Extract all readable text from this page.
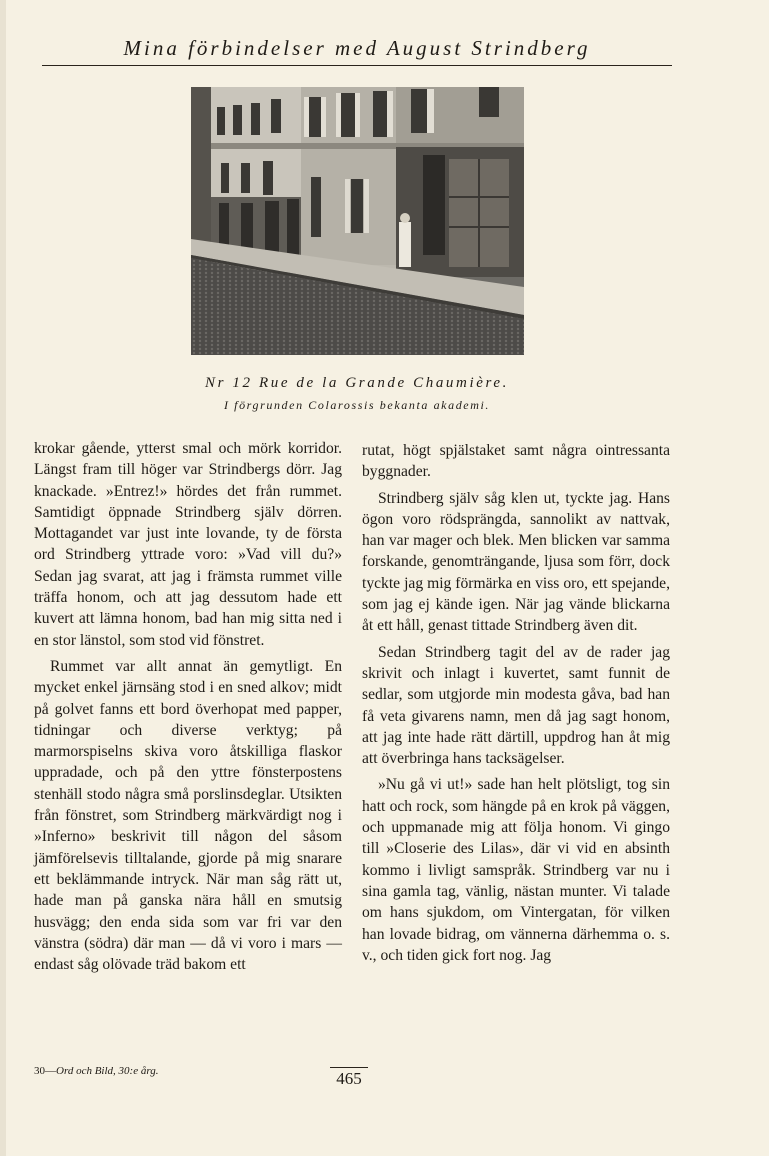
Mina förbindelser med August Strindberg
Nr 12 Rue de la Grande Chaumière.
I förgrunden Colarossis bekanta akademi.

krokar gående, ytterst smal och mörk korridor. Längst fram till höger var Strindbergs dörr. Jag knackade. »Entrez!» hördes det från rummet. Samtidigt öppnade Strindberg själv dörren. Mottagandet var just inte lovande, ty de första ord Strindberg yttrade voro: »Vad vill du?» Sedan jag svarat, att jag i främsta rummet ville träffa honom, och att jag dessutom hade ett kuvert att lämna honom, bad han mig sitta ned i en stor länstol, som stod vid fönstret.

Rummet var allt annat än gemytligt. En mycket enkel järnsäng stod i en sned alkov; midt på golvet fanns ett bord överhopat med papper, tidningar och diverse verktyg; på marmorspiselns skiva voro åtskilliga flaskor uppradade, och på den yttre fönsterpostens stenhäll stodo några små porslinsdeglar. Utsikten från fönstret, som Strindberg märkvärdigt nog i »Inferno» beskrivit till någon del såsom jämförelsevis tilltalande, gjorde på mig snarare ett beklämmande intryck. När man såg rätt ut, hade man på ganska nära håll en smutsig husvägg; den enda sida som var fri var den vänstra (södra) där man — då vi voro i mars — endast såg olövade träd bakom ett

rutat, högt spjälstaket samt några ointressanta byggnader.

Strindberg själv såg klen ut, tyckte jag. Hans ögon voro rödsprängda, sannolikt av nattvak, han var mager och blek. Men blicken var samma forskande, genomträngande, ljusa som förr, dock tyckte jag mig förmärka en viss oro, ett spejande, som jag ej kände igen. När jag vände blickarna åt ett håll, genast tittade Strindberg även dit.

Sedan Strindberg tagit del av de rader jag skrivit och inlagt i kuvertet, samt funnit de sedlar, som utgjorde min modesta gåva, bad han få veta givarens namn, men då jag sagt honom, att jag inte hade rätt därtill, uppdrog han åt mig att överbringa hans tacksägelser.

»Nu gå vi ut!» sade han helt plötsligt, tog sin hatt och rock, som hängde på en krok på väggen, och uppmanade mig att följa honom. Vi gingo till »Closerie des Lilas», där vi vid en absinth kommo i livligt samspråk. Strindberg var nu i sina gamla tag, vänlig, nästan munter. Vi talade om hans sjukdom, om Vintergatan, för vilken han lovade bidrag, om vännerna därhemma o. s. v., och tiden gick fort nog. Jag

30—Ord och Bild, 30:e årg.	465
